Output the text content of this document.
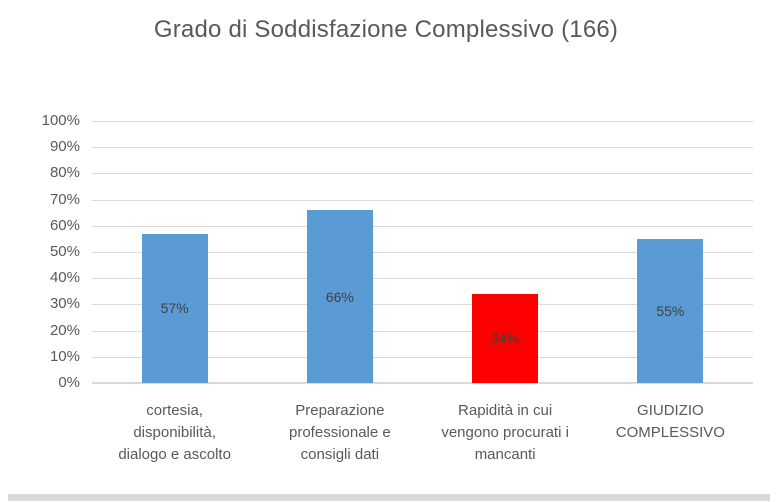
Grado di Soddisfazione Complessivo (166)
57%
66%
34%
55%
0%
10%
20%
30%
40%
50%
60%
70%
80%
90%
100%
cortesia,
disponibilità,
dialogo e ascolto
Preparazione
professionale e
consigli dati
Rapidità in cui
vengono procurati i
mancanti
GIUDIZIO
COMPLESSIVO
